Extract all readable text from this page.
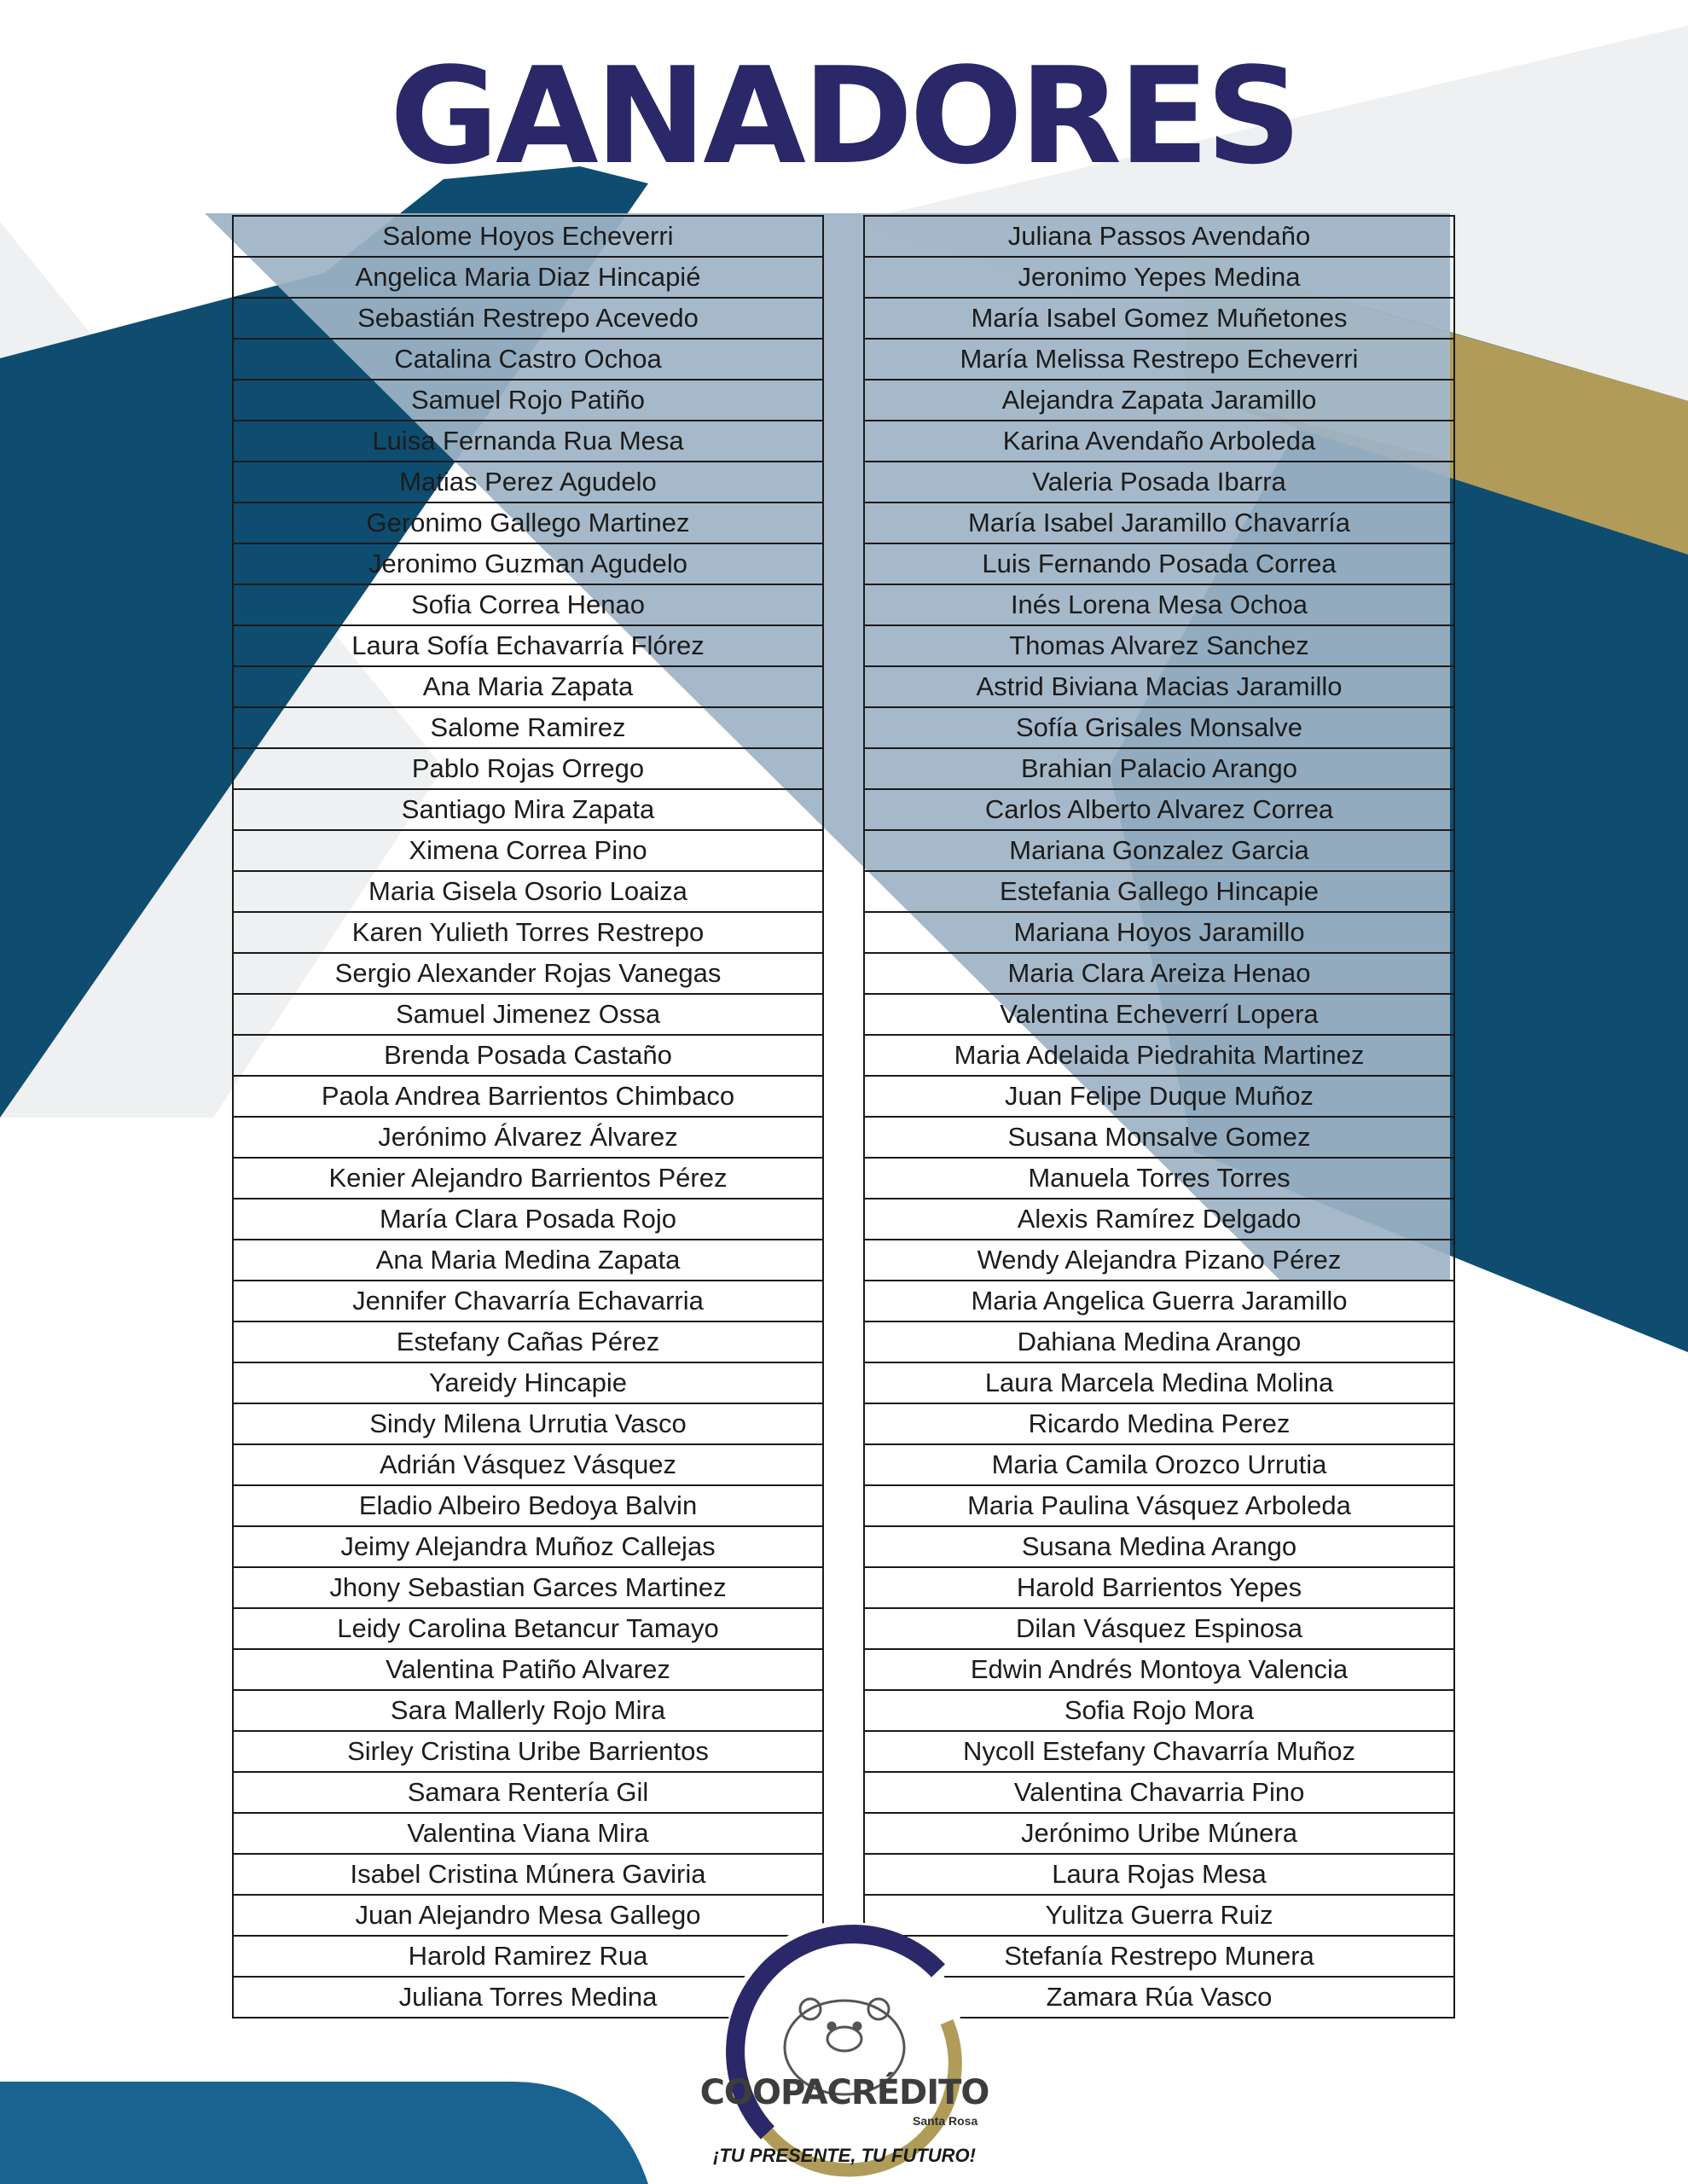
GANADORES
Salome Hoyos Echeverri
Angelica Maria Diaz Hincapié
Sebastián Restrepo Acevedo
Catalina Castro Ochoa
Samuel Rojo Patiño
Luisa Fernanda Rua Mesa
Matias Perez Agudelo
Geronimo Gallego Martinez
Jeronimo Guzman Agudelo
Sofia Correa Henao
Laura Sofía Echavarría Flórez
Ana Maria Zapata
Salome Ramirez
Pablo Rojas Orrego
Santiago Mira Zapata
Ximena Correa Pino
Maria Gisela Osorio Loaiza
Karen Yulieth Torres Restrepo
Sergio Alexander Rojas Vanegas
Samuel Jimenez Ossa
Brenda Posada Castaño
Paola Andrea Barrientos Chimbaco
Jerónimo Álvarez Álvarez
Kenier Alejandro Barrientos Pérez
María Clara Posada Rojo
Ana Maria Medina Zapata
Jennifer Chavarría Echavarria
Estefany Cañas Pérez
Yareidy Hincapie
Sindy Milena Urrutia Vasco
Adrián Vásquez Vásquez
Eladio Albeiro Bedoya Balvin
Jeimy Alejandra Muñoz Callejas
Jhony Sebastian Garces Martinez
Leidy Carolina Betancur Tamayo
Valentina Patiño Alvarez
Sara Mallerly Rojo Mira
Sirley Cristina Uribe Barrientos
Samara Rentería Gil
Valentina Viana Mira
Isabel Cristina Múnera Gaviria
Juan Alejandro Mesa Gallego
Harold Ramirez Rua
Juliana Torres Medina
Juliana Passos Avendaño
Jeronimo Yepes Medina
María Isabel Gomez Muñetones
María Melissa Restrepo Echeverri
Alejandra Zapata Jaramillo
Karina Avendaño Arboleda
Valeria Posada Ibarra
María Isabel Jaramillo Chavarría
Luis Fernando Posada Correa
Inés Lorena Mesa Ochoa
Thomas Alvarez Sanchez
Astrid Biviana Macias Jaramillo
Sofía Grisales Monsalve
Brahian Palacio Arango
Carlos Alberto Alvarez Correa
Mariana Gonzalez Garcia
Estefania Gallego Hincapie
Mariana Hoyos Jaramillo
Maria Clara Areiza Henao
Valentina Echeverrí Lopera
Maria Adelaida Piedrahita Martinez
Juan Felipe Duque Muñoz
Susana Monsalve Gomez
Manuela Torres Torres
Alexis Ramírez Delgado
Wendy Alejandra Pizano Pérez
Maria Angelica Guerra Jaramillo
Dahiana Medina Arango
Laura Marcela Medina Molina
Ricardo Medina Perez
Maria Camila Orozco Urrutia
Maria Paulina Vásquez Arboleda
Susana Medina Arango
Harold Barrientos Yepes
Dilan Vásquez Espinosa
Edwin Andrés Montoya Valencia
Sofia Rojo Mora
Nycoll Estefany Chavarría Muñoz
Valentina Chavarria Pino
Jerónimo Uribe Múnera
Laura Rojas Mesa
Yulitza Guerra Ruiz
Stefanía Restrepo Munera
Zamara Rúa Vasco
COOPACRÉDITO
Santa Rosa
¡TU PRESENTE, TU FUTURO!
